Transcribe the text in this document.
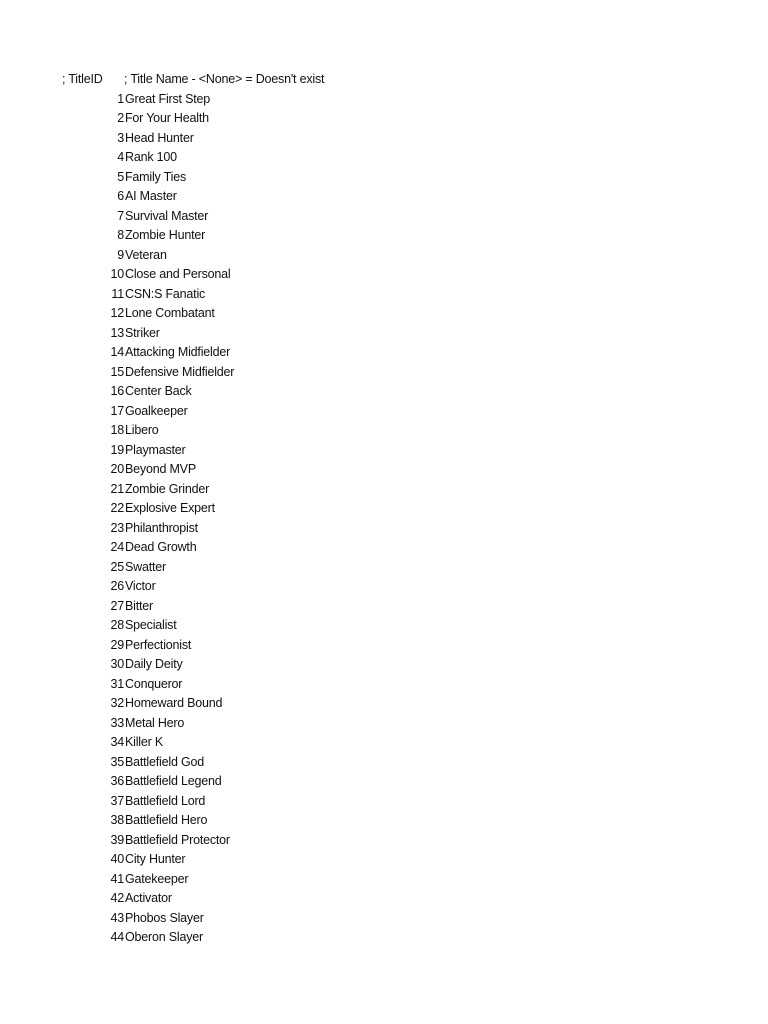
; TitleID ; Title Name - <None> = Doesn't exist
1 Great First Step
2 For Your Health
3 Head Hunter
4 Rank 100
5 Family Ties
6 AI Master
7 Survival Master
8 Zombie Hunter
9 Veteran
10 Close and Personal
11 CSN:S Fanatic
12 Lone Combatant
13 Striker
14 Attacking Midfielder
15 Defensive Midfielder
16 Center Back
17 Goalkeeper
18 Libero
19 Playmaster
20 Beyond MVP
21 Zombie Grinder
22 Explosive Expert
23 Philanthropist
24 Dead Growth
25 Swatter
26 Victor
27 Bitter
28 Specialist
29 Perfectionist
30 Daily Deity
31 Conqueror
32 Homeward Bound
33 Metal Hero
34 Killer K
35 Battlefield God
36 Battlefield Legend
37 Battlefield Lord
38 Battlefield Hero
39 Battlefield Protector
40 City Hunter
41 Gatekeeper
42 Activator
43 Phobos Slayer
44 Oberon Slayer
